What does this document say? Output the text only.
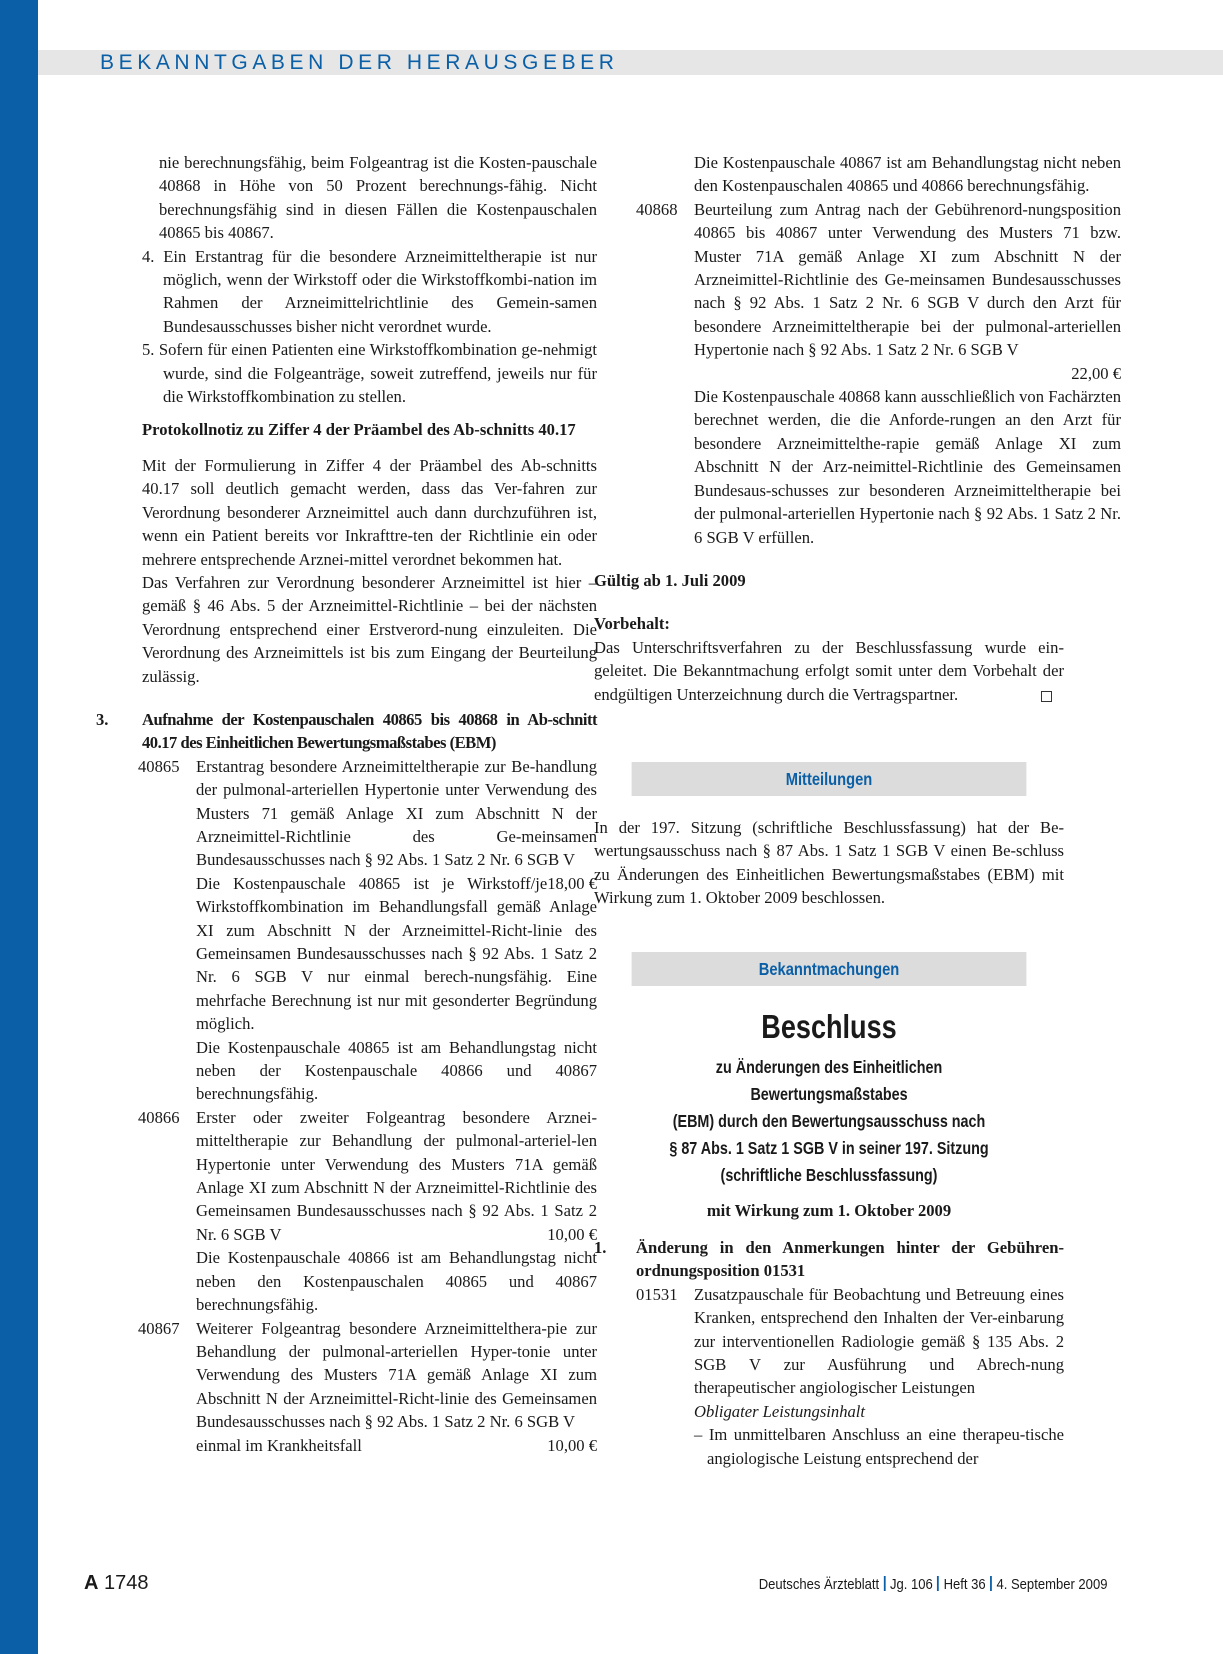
BEKANNTGABEN DER HERAUSGEBER

nie berechnungsfähig, beim Folgeantrag ist die Kosten-pauschale 40868 in Höhe von 50 Prozent berechnungs-fähig. Nicht berechnungsfähig sind in diesen Fällen die Kostenpauschalen 40865 bis 40867.

4. Ein Erstantrag für die besondere Arzneimitteltherapie ist nur möglich, wenn der Wirkstoff oder die Wirkstoffkombi-nation im Rahmen der Arzneimittelrichtlinie des Gemein-samen Bundesausschusses bisher nicht verordnet wurde.

5. Sofern für einen Patienten eine Wirkstoffkombination ge-nehmigt wurde, sind die Folgeanträge, soweit zutreffend, jeweils nur für die Wirkstoffkombination zu stellen.

Protokollnotiz zu Ziffer 4 der Präambel des Ab-schnitts 40.17

Mit der Formulierung in Ziffer 4 der Präambel des Ab-schnitts 40.17 soll deutlich gemacht werden, dass das Ver-fahren zur Verordnung besonderer Arzneimittel auch dann durchzuführen ist, wenn ein Patient bereits vor Inkrafttre-ten der Richtlinie ein oder mehrere entsprechende Arznei-mittel verordnet bekommen hat.

Das Verfahren zur Verordnung besonderer Arzneimittel ist hier – gemäß § 46 Abs. 5 der Arzneimittel-Richtlinie – bei der nächsten Verordnung entsprechend einer Erstverord-nung einzuleiten. Die Verordnung des Arzneimittels ist bis zum Eingang der Beurteilung zulässig.

3. Aufnahme der Kostenpauschalen 40865 bis 40868 in Ab-schnitt 40.17 des Einheitlichen Bewertungsmaßstabes (EBM)

40865 Erstantrag besondere Arzneimitteltherapie zur Be-handlung der pulmonal-arteriellen Hypertonie unter Verwendung des Musters 71 gemäß Anlage XI zum Abschnitt N der Arzneimittel-Richtlinie des Ge-meinsamen Bundesausschusses nach § 92 Abs. 1 Satz 2 Nr. 6 SGB V
18,00 €

Die Kostenpauschale 40865 ist je Wirkstoff/je Wirkstoffkombination im Behandlungsfall gemäß Anlage XI zum Abschnitt N der Arzneimittel-Richt-linie des Gemeinsamen Bundesausschusses nach § 92 Abs. 1 Satz 2 Nr. 6 SGB V nur einmal berech-nungsfähig. Eine mehrfache Berechnung ist nur mit gesonderter Begründung möglich.

Die Kostenpauschale 40865 ist am Behandlungstag nicht neben der Kostenpauschale 40866 und 40867 berechnungsfähig.

40866 Erster oder zweiter Folgeantrag besondere Arznei-mitteltherapie zur Behandlung der pulmonal-arteriel-len Hypertonie unter Verwendung des Musters 71A gemäß Anlage XI zum Abschnitt N der Arzneimittel-Richtlinie des Gemeinsamen Bundesausschusses nach § 92 Abs. 1 Satz 2 Nr. 6 SGB V	10,00 €

Die Kostenpauschale 40866 ist am Behandlungstag nicht neben den Kostenpauschalen 40865 und 40867 berechnungsfähig.

40867 Weiterer Folgeantrag besondere Arzneimittelthera-pie zur Behandlung der pulmonal-arteriellen Hyper-tonie unter Verwendung des Musters 71A gemäß Anlage XI zum Abschnitt N der Arzneimittel-Richt-linie des Gemeinsamen Bundesausschusses nach § 92 Abs. 1 Satz 2 Nr. 6 SGB V

einmal im Krankheitsfall	10,00 €

Die Kostenpauschale 40867 ist am Behandlungstag nicht neben den Kostenpauschalen 40865 und 40866 berechnungsfähig.

40868 Beurteilung zum Antrag nach der Gebührenord-nungsposition 40865 bis 40867 unter Verwendung des Musters 71 bzw. Muster 71A gemäß Anlage XI zum Abschnitt N der Arzneimittel-Richtlinie des Ge-meinsamen Bundesausschusses nach § 92 Abs. 1 Satz 2 Nr. 6 SGB V durch den Arzt für besondere Arzneimitteltherapie bei der pulmonal-arteriellen Hypertonie nach § 92 Abs. 1 Satz 2 Nr. 6 SGB V

22,00 €

Die Kostenpauschale 40868 kann ausschließlich von Fachärzten berechnet werden, die die Anforde-rungen an den Arzt für besondere Arzneimittelthe-rapie gemäß Anlage XI zum Abschnitt N der Arz-neimittel-Richtlinie des Gemeinsamen Bundesaus-schusses zur besonderen Arzneimitteltherapie bei der pulmonal-arteriellen Hypertonie nach § 92 Abs. 1 Satz 2 Nr. 6 SGB V erfüllen.

Gültig ab 1. Juli 2009

Vorbehalt:

Das Unterschriftsverfahren zu der Beschlussfassung wurde ein-geleitet. Die Bekanntmachung erfolgt somit unter dem Vorbehalt der endgültigen Unterzeichnung durch die Vertragspartner.

Mitteilungen

In der 197. Sitzung (schriftliche Beschlussfassung) hat der Be-wertungsausschuss nach § 87 Abs. 1 Satz 1 SGB V einen Be-schluss zu Änderungen des Einheitlichen Bewertungsmaßstabes (EBM) mit Wirkung zum 1. Oktober 2009 beschlossen.

Bekanntmachungen
Beschluss
zu Änderungen des Einheitlichen Bewertungsmaßstabes
(EBM) durch den Bewertungsausschuss nach
§ 87 Abs. 1 Satz 1 SGB V in seiner 197. Sitzung
(schriftliche Beschlussfassung)

mit Wirkung zum 1. Oktober 2009

1. Änderung in den Anmerkungen hinter der Gebühren-ordnungsposition 01531

01531 Zusatzpauschale für Beobachtung und Betreuung eines Kranken, entsprechend den Inhalten der Ver-einbarung zur interventionellen Radiologie gemäß § 135 Abs. 2 SGB V zur Ausführung und Abrech-nung therapeutischer angiologischer Leistungen

Obligater Leistungsinhalt

– Im unmittelbaren Anschluss an eine therapeu-tische angiologische Leistung entsprechend der

A 1748	Deutsches Ärzteblatt Jg. 106 Heft 36 4. September 2009
